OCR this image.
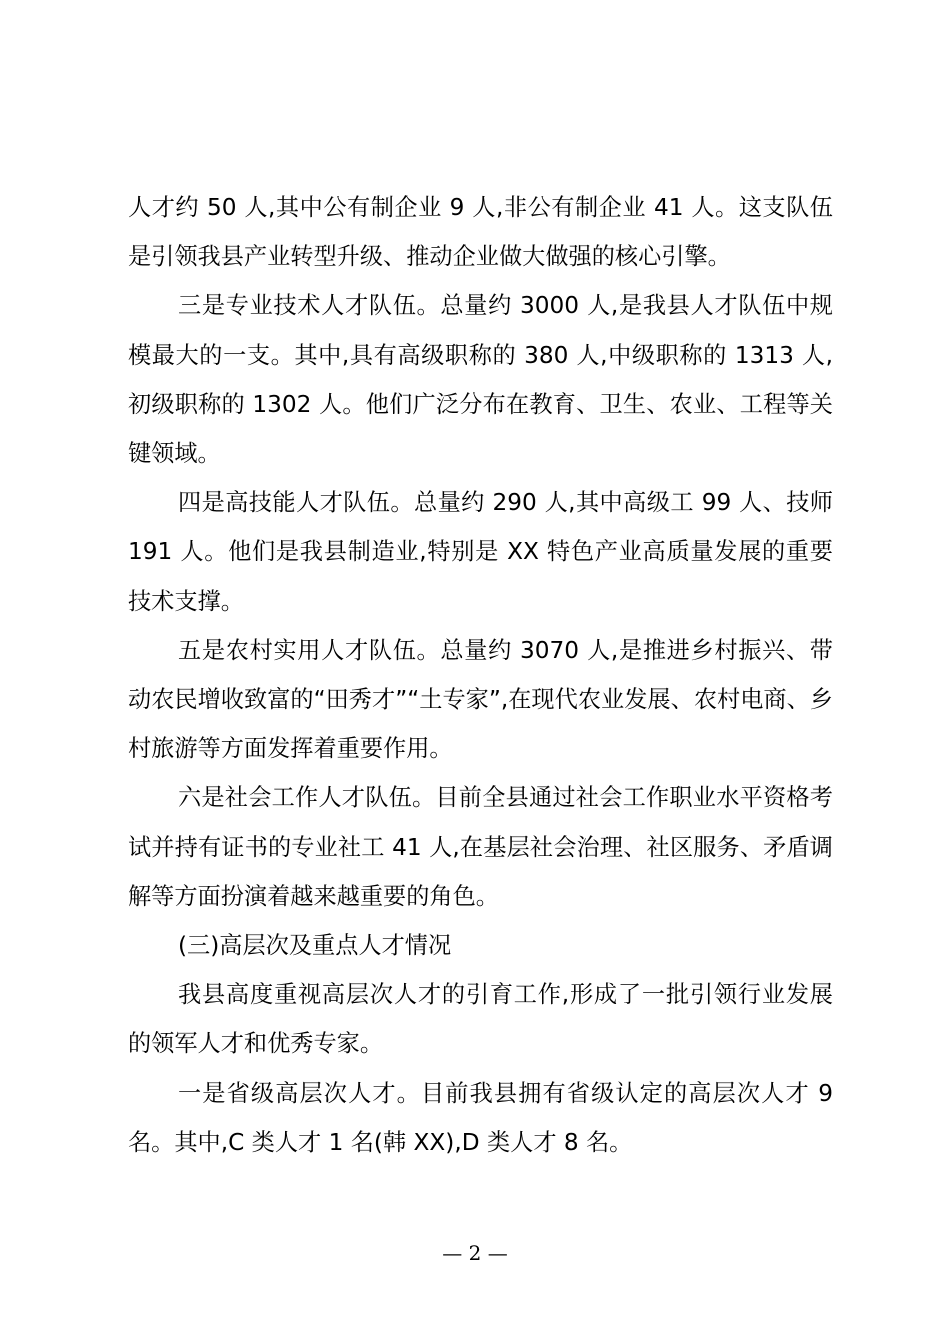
人才约 50 人,其中公有制企业 9 人,非公有制企业 41 人。这支队伍是引领我县产业转型升级、推动企业做大做强的核心引擎。

三是专业技术人才队伍。总量约 3000 人,是我县人才队伍中规模最大的一支。其中,具有高级职称的 380 人,中级职称的 1313 人,初级职称的 1302 人。他们广泛分布在教育、卫生、农业、工程等关键领域。

四是高技能人才队伍。总量约 290 人,其中高级工 99 人、技师 191 人。他们是我县制造业,特别是 XX 特色产业高质量发展的重要技术支撑。

五是农村实用人才队伍。总量约 3070 人,是推进乡村振兴、带动农民增收致富的“田秀才”“土专家”,在现代农业发展、农村电商、乡村旅游等方面发挥着重要作用。

六是社会工作人才队伍。目前全县通过社会工作职业水平资格考试并持有证书的专业社工 41 人,在基层社会治理、社区服务、矛盾调解等方面扮演着越来越重要的角色。

(三)高层次及重点人才情况

我县高度重视高层次人才的引育工作,形成了一批引领行业发展的领军人才和优秀专家。

一是省级高层次人才。目前我县拥有省级认定的高层次人才 9 名。其中,C 类人才 1 名(韩 XX),D 类人才 8 名。

— 2 —
